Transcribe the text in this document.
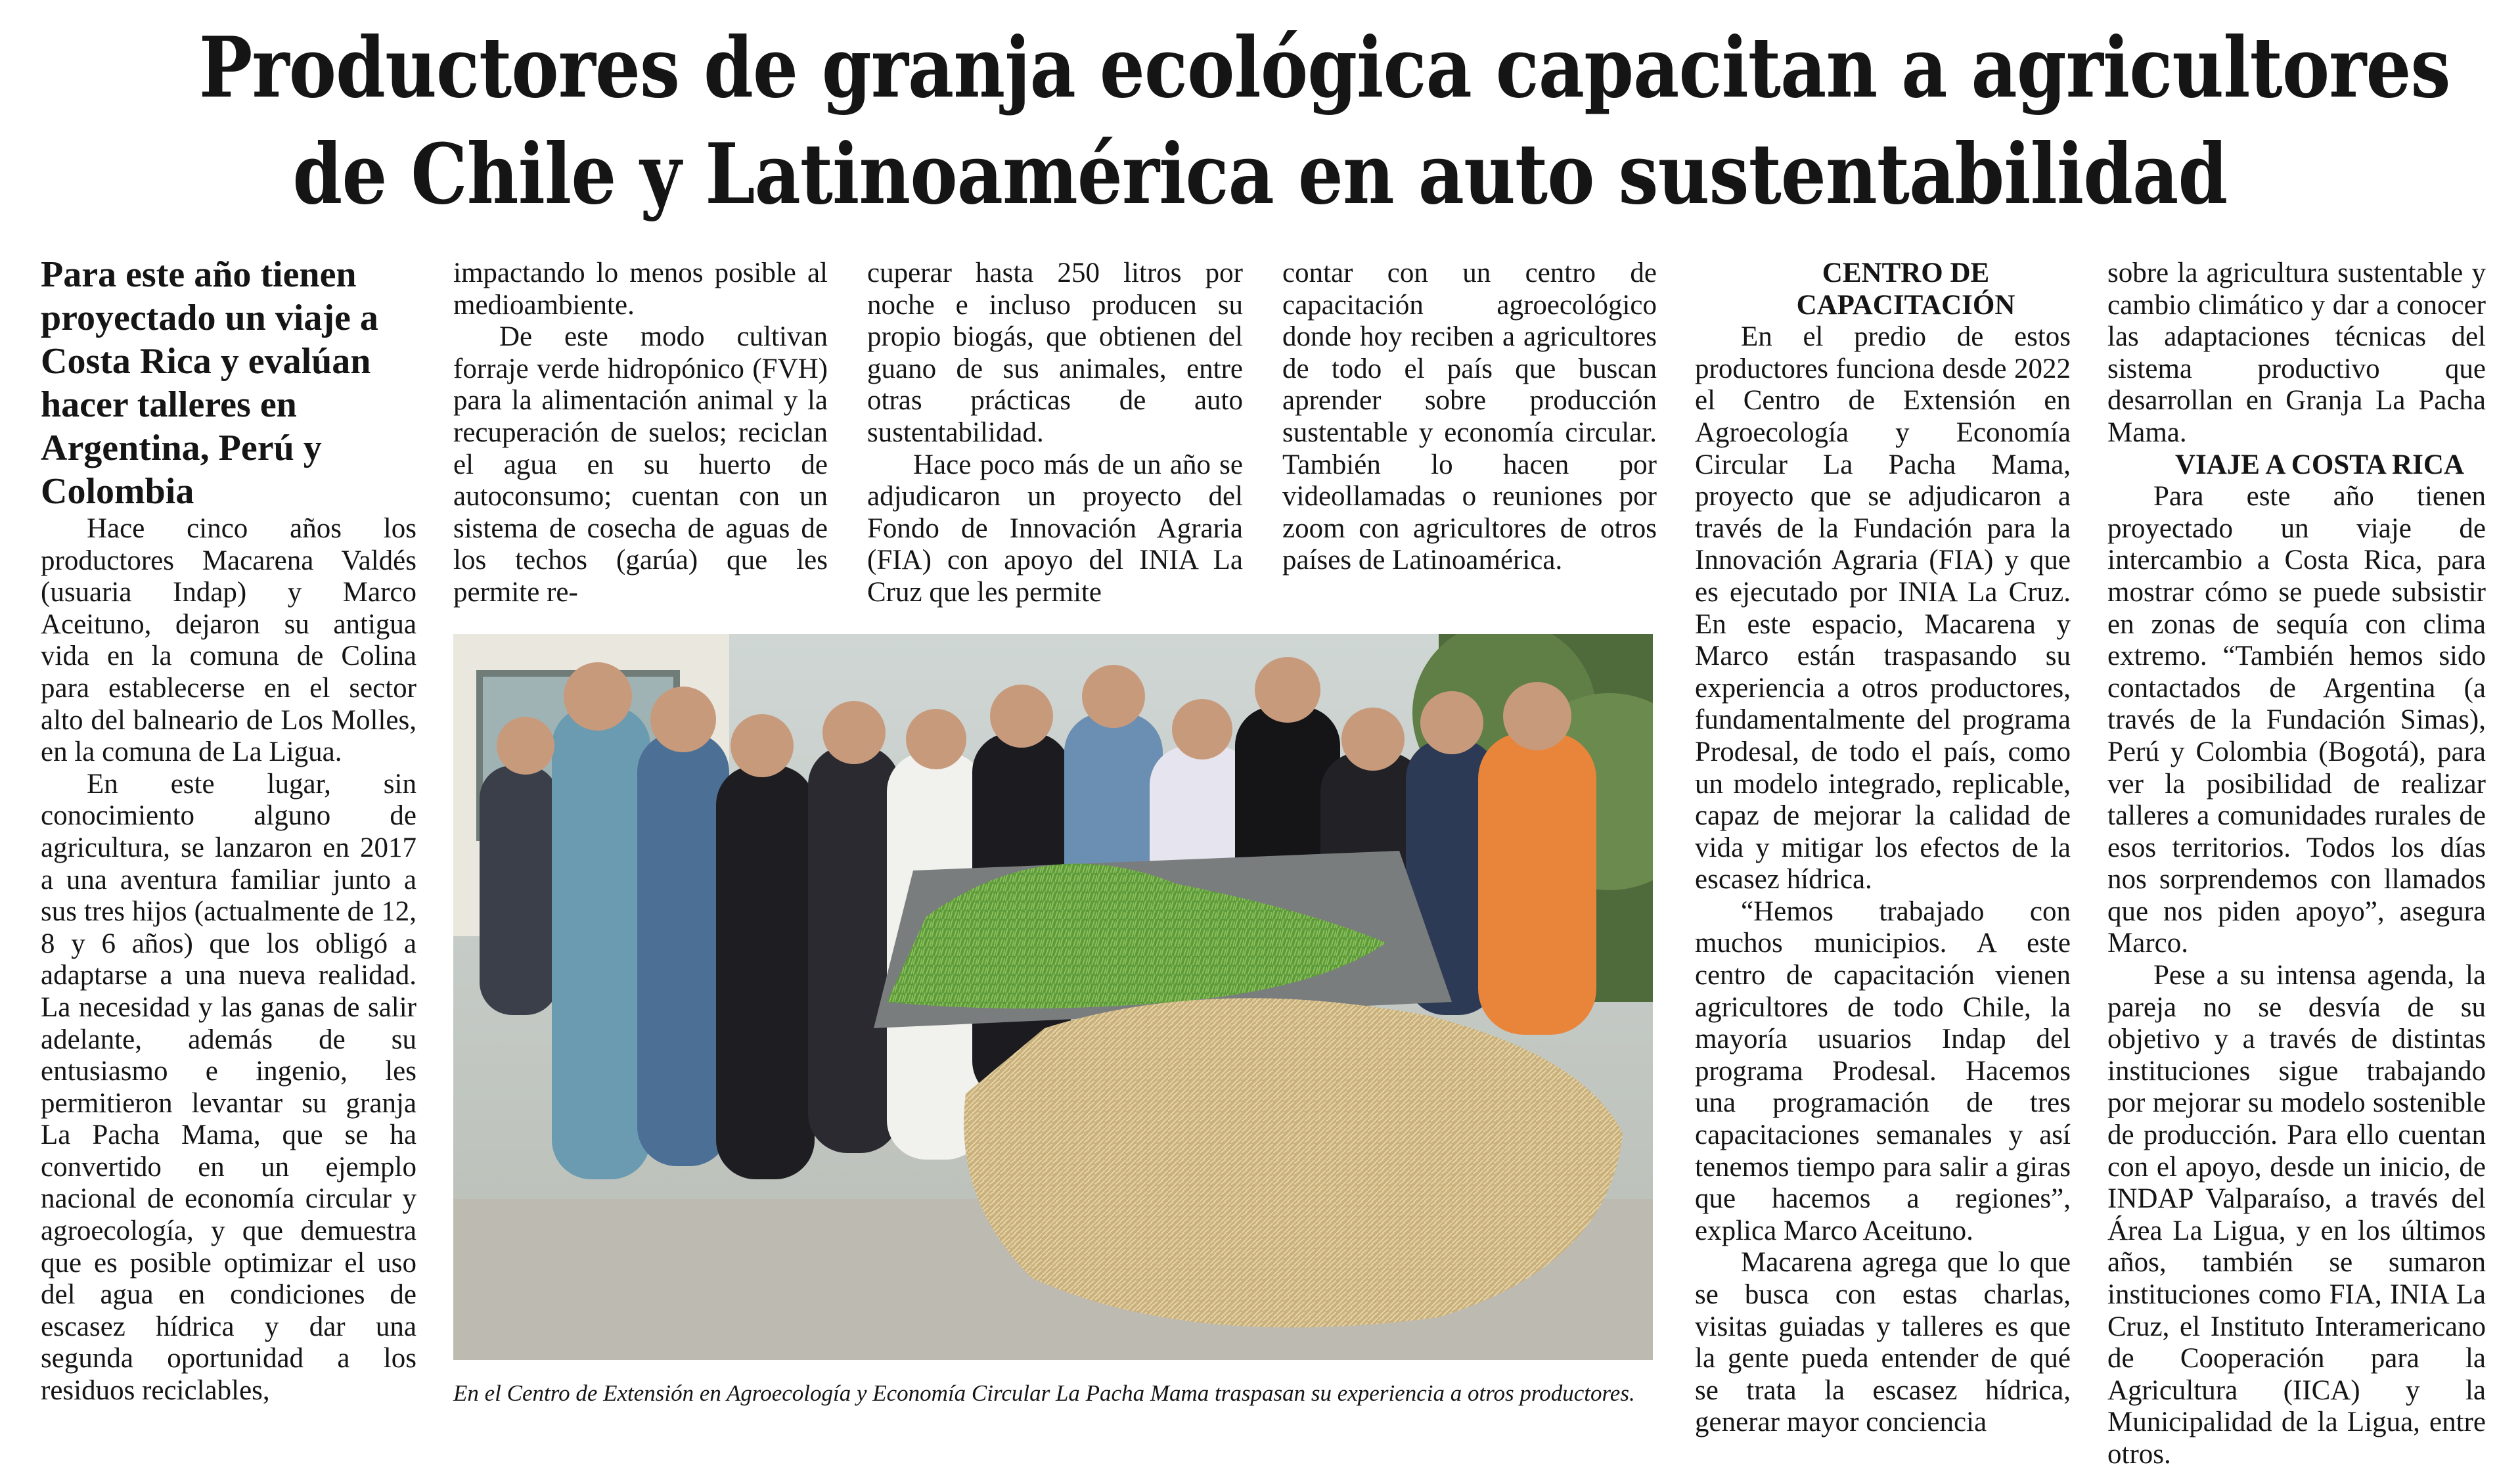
Productores de granja ecológica capacitan a agricultores
de Chile y Latinoamérica en auto sustentabilidad

Para este año tienen proyectado un viaje a Costa Rica y evalúan hacer talleres en Argentina, Perú y Colombia

Hace cinco años los productores Macarena Valdés (usuaria Indap) y Marco Aceituno, dejaron su antigua vida en la comuna de Colina para establecerse en el sector alto del balneario de Los Molles, en la comuna de La Ligua.

En este lugar, sin conocimiento alguno de agricultura, se lanzaron en 2017 a una aventura familiar junto a sus tres hijos (actualmente de 12, 8 y 6 años) que los obligó a adaptarse a una nueva realidad. La necesidad y las ganas de salir adelante, además de su entusiasmo e ingenio, les permitieron levantar su granja La Pacha Mama, que se ha convertido en un ejemplo nacional de economía circular y agroecología, y que demuestra que es posible optimizar el uso del agua en condiciones de escasez hídrica y dar una segunda oportunidad a los residuos reciclables,

impactando lo menos posible al medioambiente.

De este modo cultivan forraje verde hidropónico (FVH) para la alimentación animal y la recuperación de suelos; reciclan el agua en su huerto de autoconsumo; cuentan con un sistema de cosecha de aguas de los techos (garúa) que les permite re-

cuperar hasta 250 litros por noche e incluso producen su propio biogás, que obtienen del guano de sus animales, entre otras prácticas de auto sustentabilidad.

Hace poco más de un año se adjudicaron un proyecto del Fondo de Innovación Agraria (FIA) con apoyo del INIA La Cruz que les permite

contar con un centro de capacitación agroecológico donde hoy reciben a agricultores de todo el país que buscan aprender sobre producción sustentable y economía circular. También lo hacen por videollamadas o reuniones por zoom con agricultores de otros países de Latinoamérica.

En el Centro de Extensión en Agroecología y Economía Circular La Pacha Mama traspasan su experiencia a otros productores.

CENTRO DE

CAPACITACIÓN

En el predio de estos productores funciona desde 2022 el Centro de Extensión en Agroecología y Economía Circular La Pacha Mama, proyecto que se adjudicaron a través de la Fundación para la Innovación Agraria (FIA) y que es ejecutado por INIA La Cruz. En este espacio, Macarena y Marco están traspasando su experiencia a otros productores, fundamentalmente del programa Prodesal, de todo el país, como un modelo integrado, replicable, capaz de mejorar la calidad de vida y mitigar los efectos de la escasez hídrica.

“Hemos trabajado con muchos municipios. A este centro de capacitación vienen agricultores de todo Chile, la mayoría usuarios Indap del programa Prodesal. Hacemos una programación de tres capacitaciones semanales y así tenemos tiempo para salir a giras que hacemos a regiones”, explica Marco Aceituno.

Macarena agrega que lo que se busca con estas charlas, visitas guiadas y talleres es que la gente pueda entender de qué se trata la escasez hídrica, generar mayor conciencia

sobre la agricultura sustentable y cambio climático y dar a conocer las adaptaciones técnicas del sistema productivo que desarrollan en Granja La Pacha Mama.

VIAJE A COSTA RICA

Para este año tienen proyectado un viaje de intercambio a Costa Rica, para mostrar cómo se puede subsistir en zonas de sequía con clima extremo. “También hemos sido contactados de Argentina (a través de la Fundación Simas), Perú y Colombia (Bogotá), para ver la posibilidad de realizar talleres a comunidades rurales de esos territorios. Todos los días nos sorprendemos con llamados que nos piden apoyo”, asegura Marco.

Pese a su intensa agenda, la pareja no se desvía de su objetivo y a través de distintas instituciones sigue trabajando por mejorar su modelo sostenible de producción. Para ello cuentan con el apoyo, desde un inicio, de INDAP Valparaíso, a través del Área La Ligua, y en los últimos años, también se sumaron instituciones como FIA, INIA La Cruz, el Instituto Interamericano de Cooperación para la Agricultura (IICA) y la Municipalidad de la Ligua, entre otros.
